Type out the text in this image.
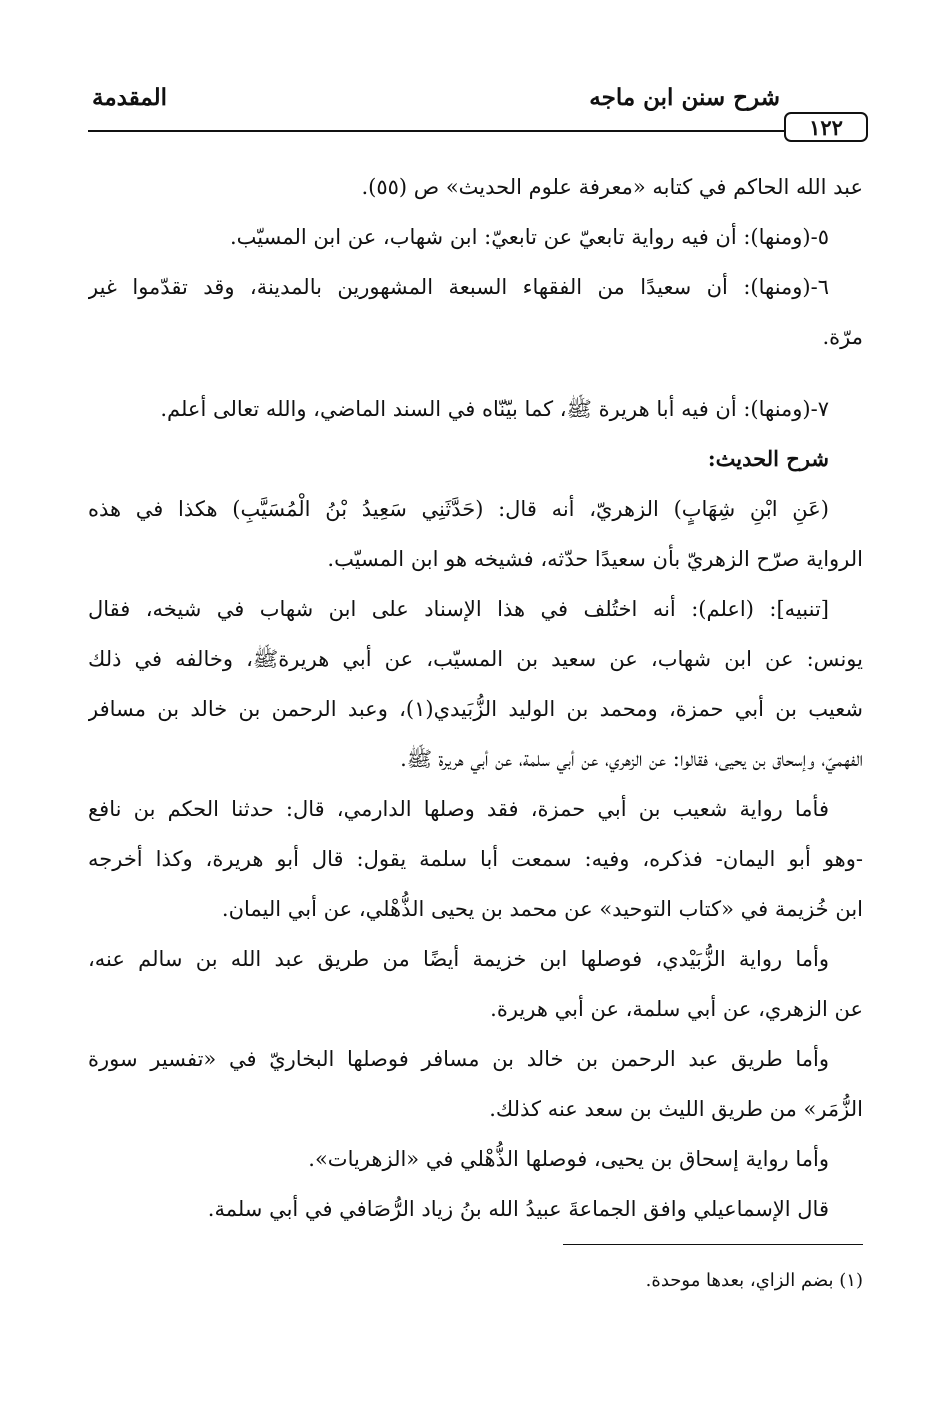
المقدمة	شرح سنن ابن ماجه
١٢٢
عبد الله الحاكم في كتابه «معرفة علوم الحديث» ص (٥٥).
٥-(ومنها): أن فيه رواية تابعيّ عن تابعيّ: ابن شهاب، عن ابن المسيّب.
٦-(ومنها): أن سعيدًا من الفقهاء السبعة المشهورين بالمدينة، وقد تقدّموا غير
مرّة.
٧-(ومنها): أن فيه أبا هريرة ﷺ، كما بيّنّاه في السند الماضي، والله تعالى أعلم.
شرح الحديث:
(عَنِ ابْنِ شِهَابٍ) الزهريّ، أنه قال: (حَدَّثَنِي سَعِيدُ بْنُ الْمُسَيَّبِ) هكذا في هذه
الرواية صرّح الزهريّ بأن سعيدًا حدّثه، فشيخه هو ابن المسيّب.
[تنبيه]: (اعلم): أنه اختُلف في هذا الإسناد على ابن شهاب في شيخه، فقال
يونس: عن ابن شهاب، عن سعيد بن المسيّب، عن أبي هريرةﷺ، وخالفه في ذلك
شعيب بن أبي حمزة، ومحمد بن الوليد الزُّبَيدي(١)، وعبد الرحمن بن خالد بن مسافر
الفهميّ، وإسحاق بن يحيى، فقالوا: عن الزهري، عن أبي سلمة، عن أبي هريرة ﷺ.
فأما رواية شعيب بن أبي حمزة، فقد وصلها الدارمي، قال: حدثنا الحكم بن نافع
-وهو أبو اليمان- فذكره، وفيه: سمعت أبا سلمة يقول: قال أبو هريرة، وكذا أخرجه
ابن خُزيمة في «كتاب التوحيد» عن محمد بن يحيى الذُّهْلي، عن أبي اليمان.
وأما رواية الزُّبَيْدي، فوصلها ابن خزيمة أيضًا من طريق عبد الله بن سالم عنه،
عن الزهري، عن أبي سلمة، عن أبي هريرة.
وأما طريق عبد الرحمن بن خالد بن مسافر فوصلها البخاريّ في «تفسير سورة
الزُّمَر» من طريق الليث بن سعد عنه كذلك.
وأما رواية إسحاق بن يحيى، فوصلها الذُّهْلي في «الزهريات».
قال الإسماعيلي وافق الجماعةَ عبيدُ الله بنُ زياد الرُّصَافي في أبي سلمة.
(١) بضم الزاي، بعدها موحدة.
